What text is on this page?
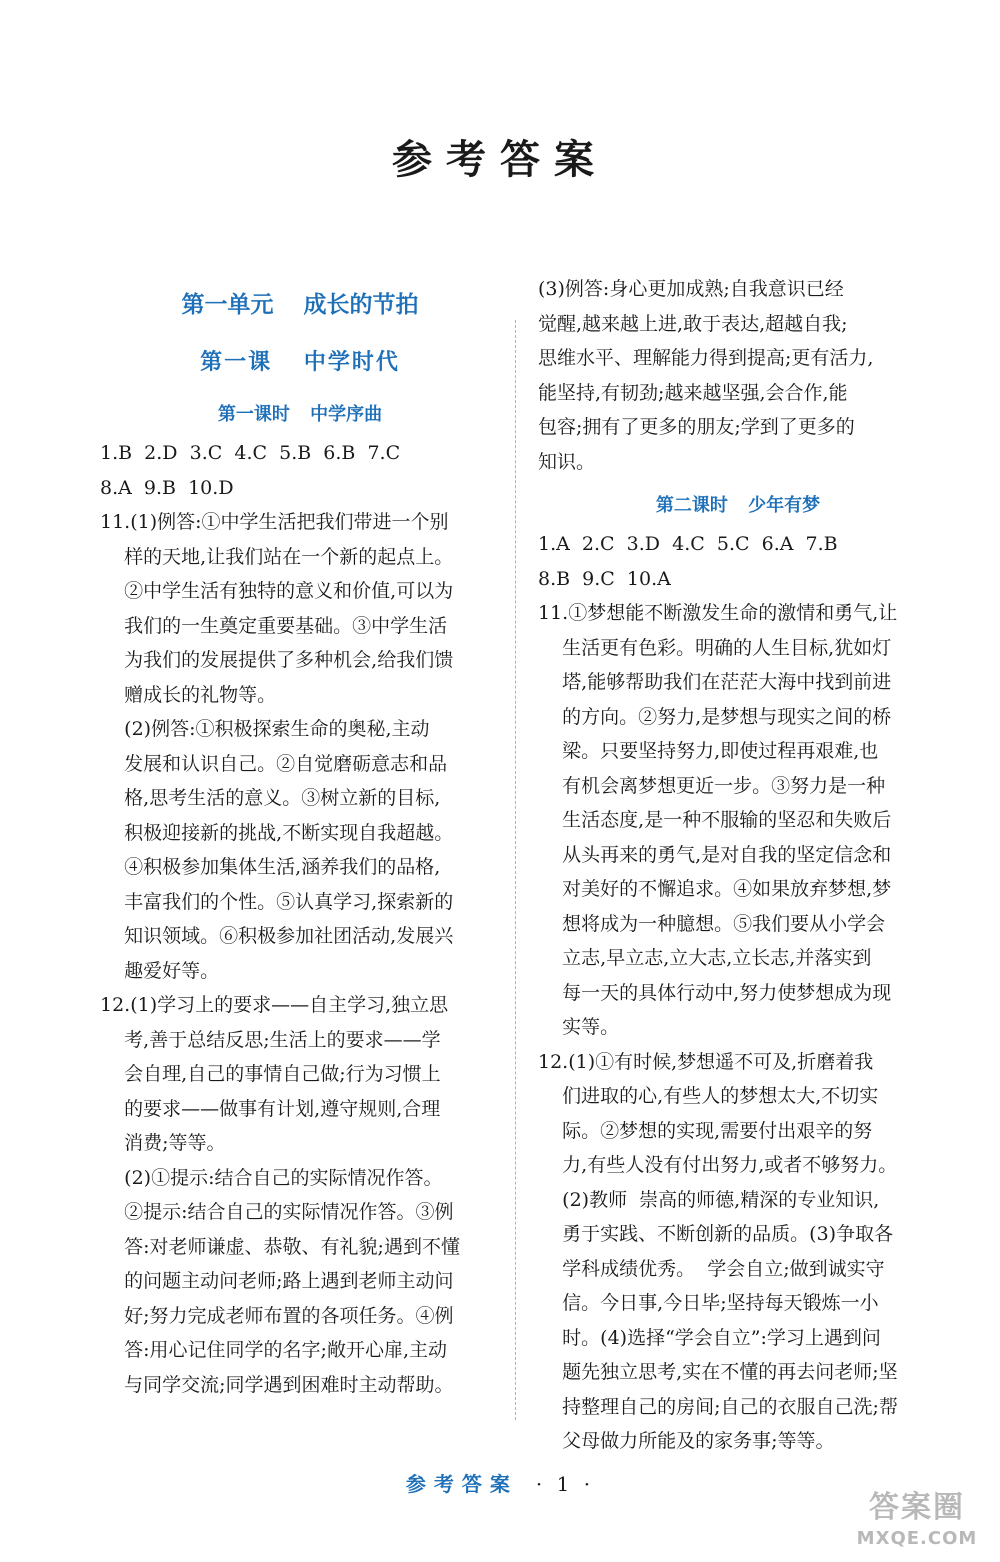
参考答案
第一单元 成长的节拍
第一课 中学时代
第一课时 中学序曲

1.B  2.D  3.C  4.C  5.B  6.B  7.C

8.A  9.B  10.D

11.(1)例答:①中学生活把我们带进一个别

样的天地,让我们站在一个新的起点上。

②中学生活有独特的意义和价值,可以为

我们的一生奠定重要基础。③中学生活

为我们的发展提供了多种机会,给我们馈

赠成长的礼物等。

(2)例答:①积极探索生命的奥秘,主动

发展和认识自己。②自觉磨砺意志和品

格,思考生活的意义。③树立新的目标,

积极迎接新的挑战,不断实现自我超越。

④积极参加集体生活,涵养我们的品格,

丰富我们的个性。⑤认真学习,探索新的

知识领域。⑥积极参加社团活动,发展兴

趣爱好等。

12.(1)学习上的要求——自主学习,独立思

考,善于总结反思;生活上的要求——学

会自理,自己的事情自己做;行为习惯上

的要求——做事有计划,遵守规则,合理

消费;等等。

(2)①提示:结合自己的实际情况作答。

②提示:结合自己的实际情况作答。③例

答:对老师谦虚、恭敬、有礼貌;遇到不懂

的问题主动问老师;路上遇到老师主动问

好;努力完成老师布置的各项任务。④例

答:用心记住同学的名字;敞开心扉,主动

与同学交流;同学遇到困难时主动帮助。

(3)例答:身心更加成熟;自我意识已经

觉醒,越来越上进,敢于表达,超越自我;

思维水平、理解能力得到提高;更有活力,

能坚持,有韧劲;越来越坚强,会合作,能

包容;拥有了更多的朋友;学到了更多的

知识。

第二课时 少年有梦

1.A  2.C  3.D  4.C  5.C  6.A  7.B

8.B  9.C  10.A

11.①梦想能不断激发生命的激情和勇气,让

生活更有色彩。明确的人生目标,犹如灯

塔,能够帮助我们在茫茫大海中找到前进

的方向。②努力,是梦想与现实之间的桥

梁。只要坚持努力,即使过程再艰难,也

有机会离梦想更近一步。③努力是一种

生活态度,是一种不服输的坚忍和失败后

从头再来的勇气,是对自我的坚定信念和

对美好的不懈追求。④如果放弃梦想,梦

想将成为一种臆想。⑤我们要从小学会

立志,早立志,立大志,立长志,并落实到

每一天的具体行动中,努力使梦想成为现

实等。

12.(1)①有时候,梦想遥不可及,折磨着我

们进取的心,有些人的梦想太大,不切实

际。②梦想的实现,需要付出艰辛的努

力,有些人没有付出努力,或者不够努力。

(2)教师  崇高的师德,精深的专业知识,

勇于实践、不断创新的品质。(3)争取各

学科成绩优秀。  学会自立;做到诚实守

信。今日事,今日毕;坚持每天锻炼一小

时。(4)选择“学会自立”:学习上遇到问

题先独立思考,实在不懂的再去问老师;坚

持整理自己的房间;自己的衣服自己洗;帮

父母做力所能及的家务事;等等。

参考答案 · 1 ·
答案圈
MXQE.COM
